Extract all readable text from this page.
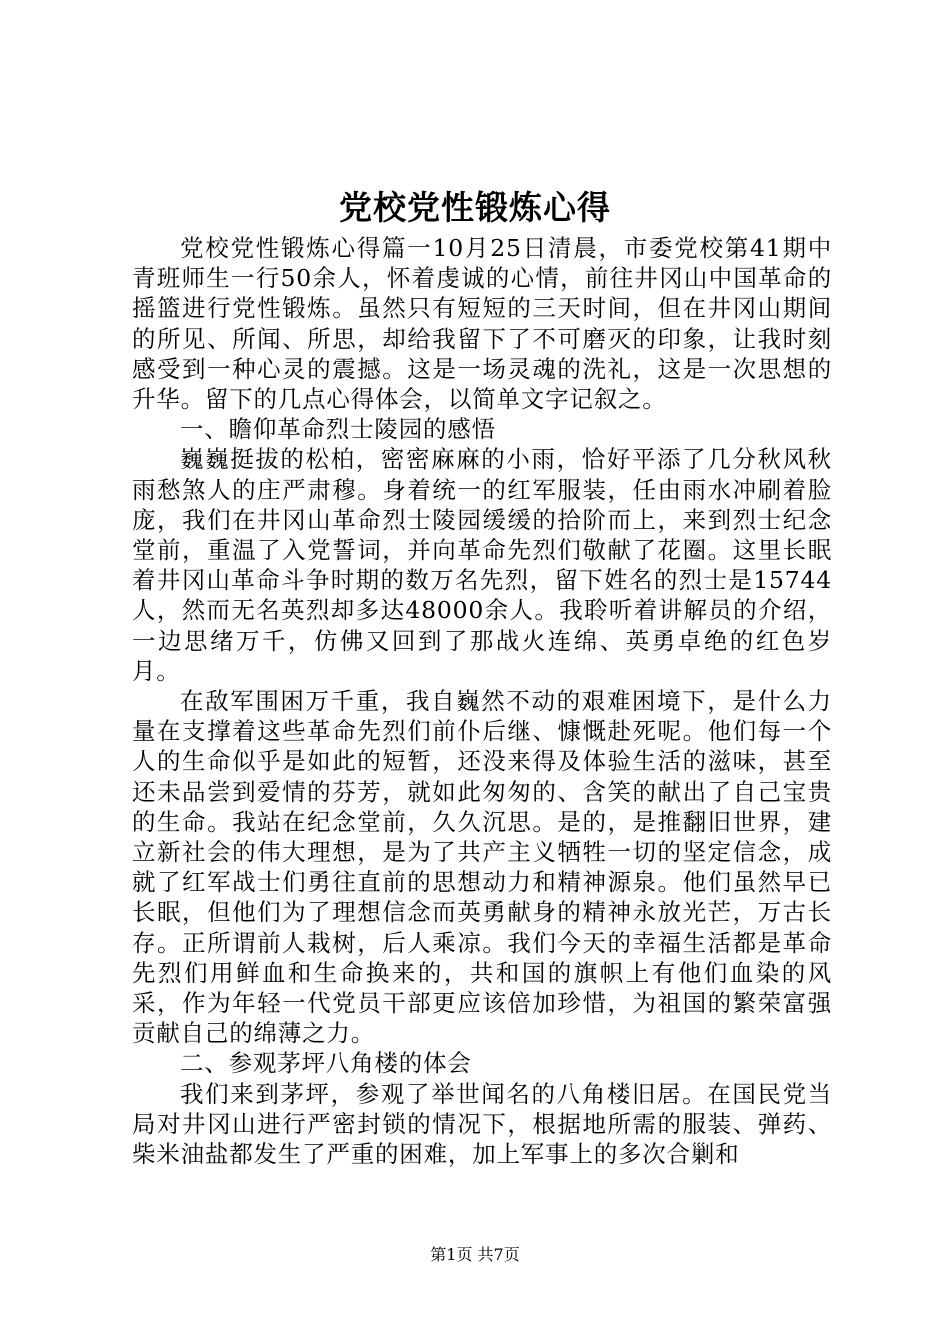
党校党性锻炼心得

党校党性锻炼心得篇一10月25日清晨，市委党校第41期中青班师生一行50余人，怀着虔诚的心情，前往井冈山中国革命的摇篮进行党性锻炼。虽然只有短短的三天时间，但在井冈山期间的所见、所闻、所思，却给我留下了不可磨灭的印象，让我时刻感受到一种心灵的震撼。这是一场灵魂的洗礼，这是一次思想的升华。留下的几点心得体会，以简单文字记叙之。

一、瞻仰革命烈士陵园的感悟

巍巍挺拔的松柏，密密麻麻的小雨，恰好平添了几分秋风秋雨愁煞人的庄严肃穆。身着统一的红军服装，任由雨水冲刷着脸庞，我们在井冈山革命烈士陵园缓缓的拾阶而上，来到烈士纪念堂前，重温了入党誓词，并向革命先烈们敬献了花圈。这里长眠着井冈山革命斗争时期的数万名先烈，留下姓名的烈士是15744人，然而无名英烈却多达48000余人。我聆听着讲解员的介绍，一边思绪万千，仿佛又回到了那战火连绵、英勇卓绝的红色岁月。

在敌军围困万千重，我自巍然不动的艰难困境下，是什么力量在支撑着这些革命先烈们前仆后继、慷慨赴死呢。他们每一个人的生命似乎是如此的短暂，还没来得及体验生活的滋味，甚至还未品尝到爱情的芬芳，就如此匆匆的、含笑的献出了自己宝贵的生命。我站在纪念堂前，久久沉思。是的，是推翻旧世界，建立新社会的伟大理想，是为了共产主义牺牲一切的坚定信念，成就了红军战士们勇往直前的思想动力和精神源泉。他们虽然早已长眠，但他们为了理想信念而英勇献身的精神永放光芒，万古长存。正所谓前人栽树，后人乘凉。我们今天的幸福生活都是革命先烈们用鲜血和生命换来的，共和国的旗帜上有他们血染的风采，作为年轻一代党员干部更应该倍加珍惜，为祖国的繁荣富强贡献自己的绵薄之力。

二、参观茅坪八角楼的体会

我们来到茅坪，参观了举世闻名的八角楼旧居。在国民党当局对井冈山进行严密封锁的情况下，根据地所需的服装、弹药、柴米油盐都发生了严重的困难，加上军事上的多次合剿和

第1页 共7页
